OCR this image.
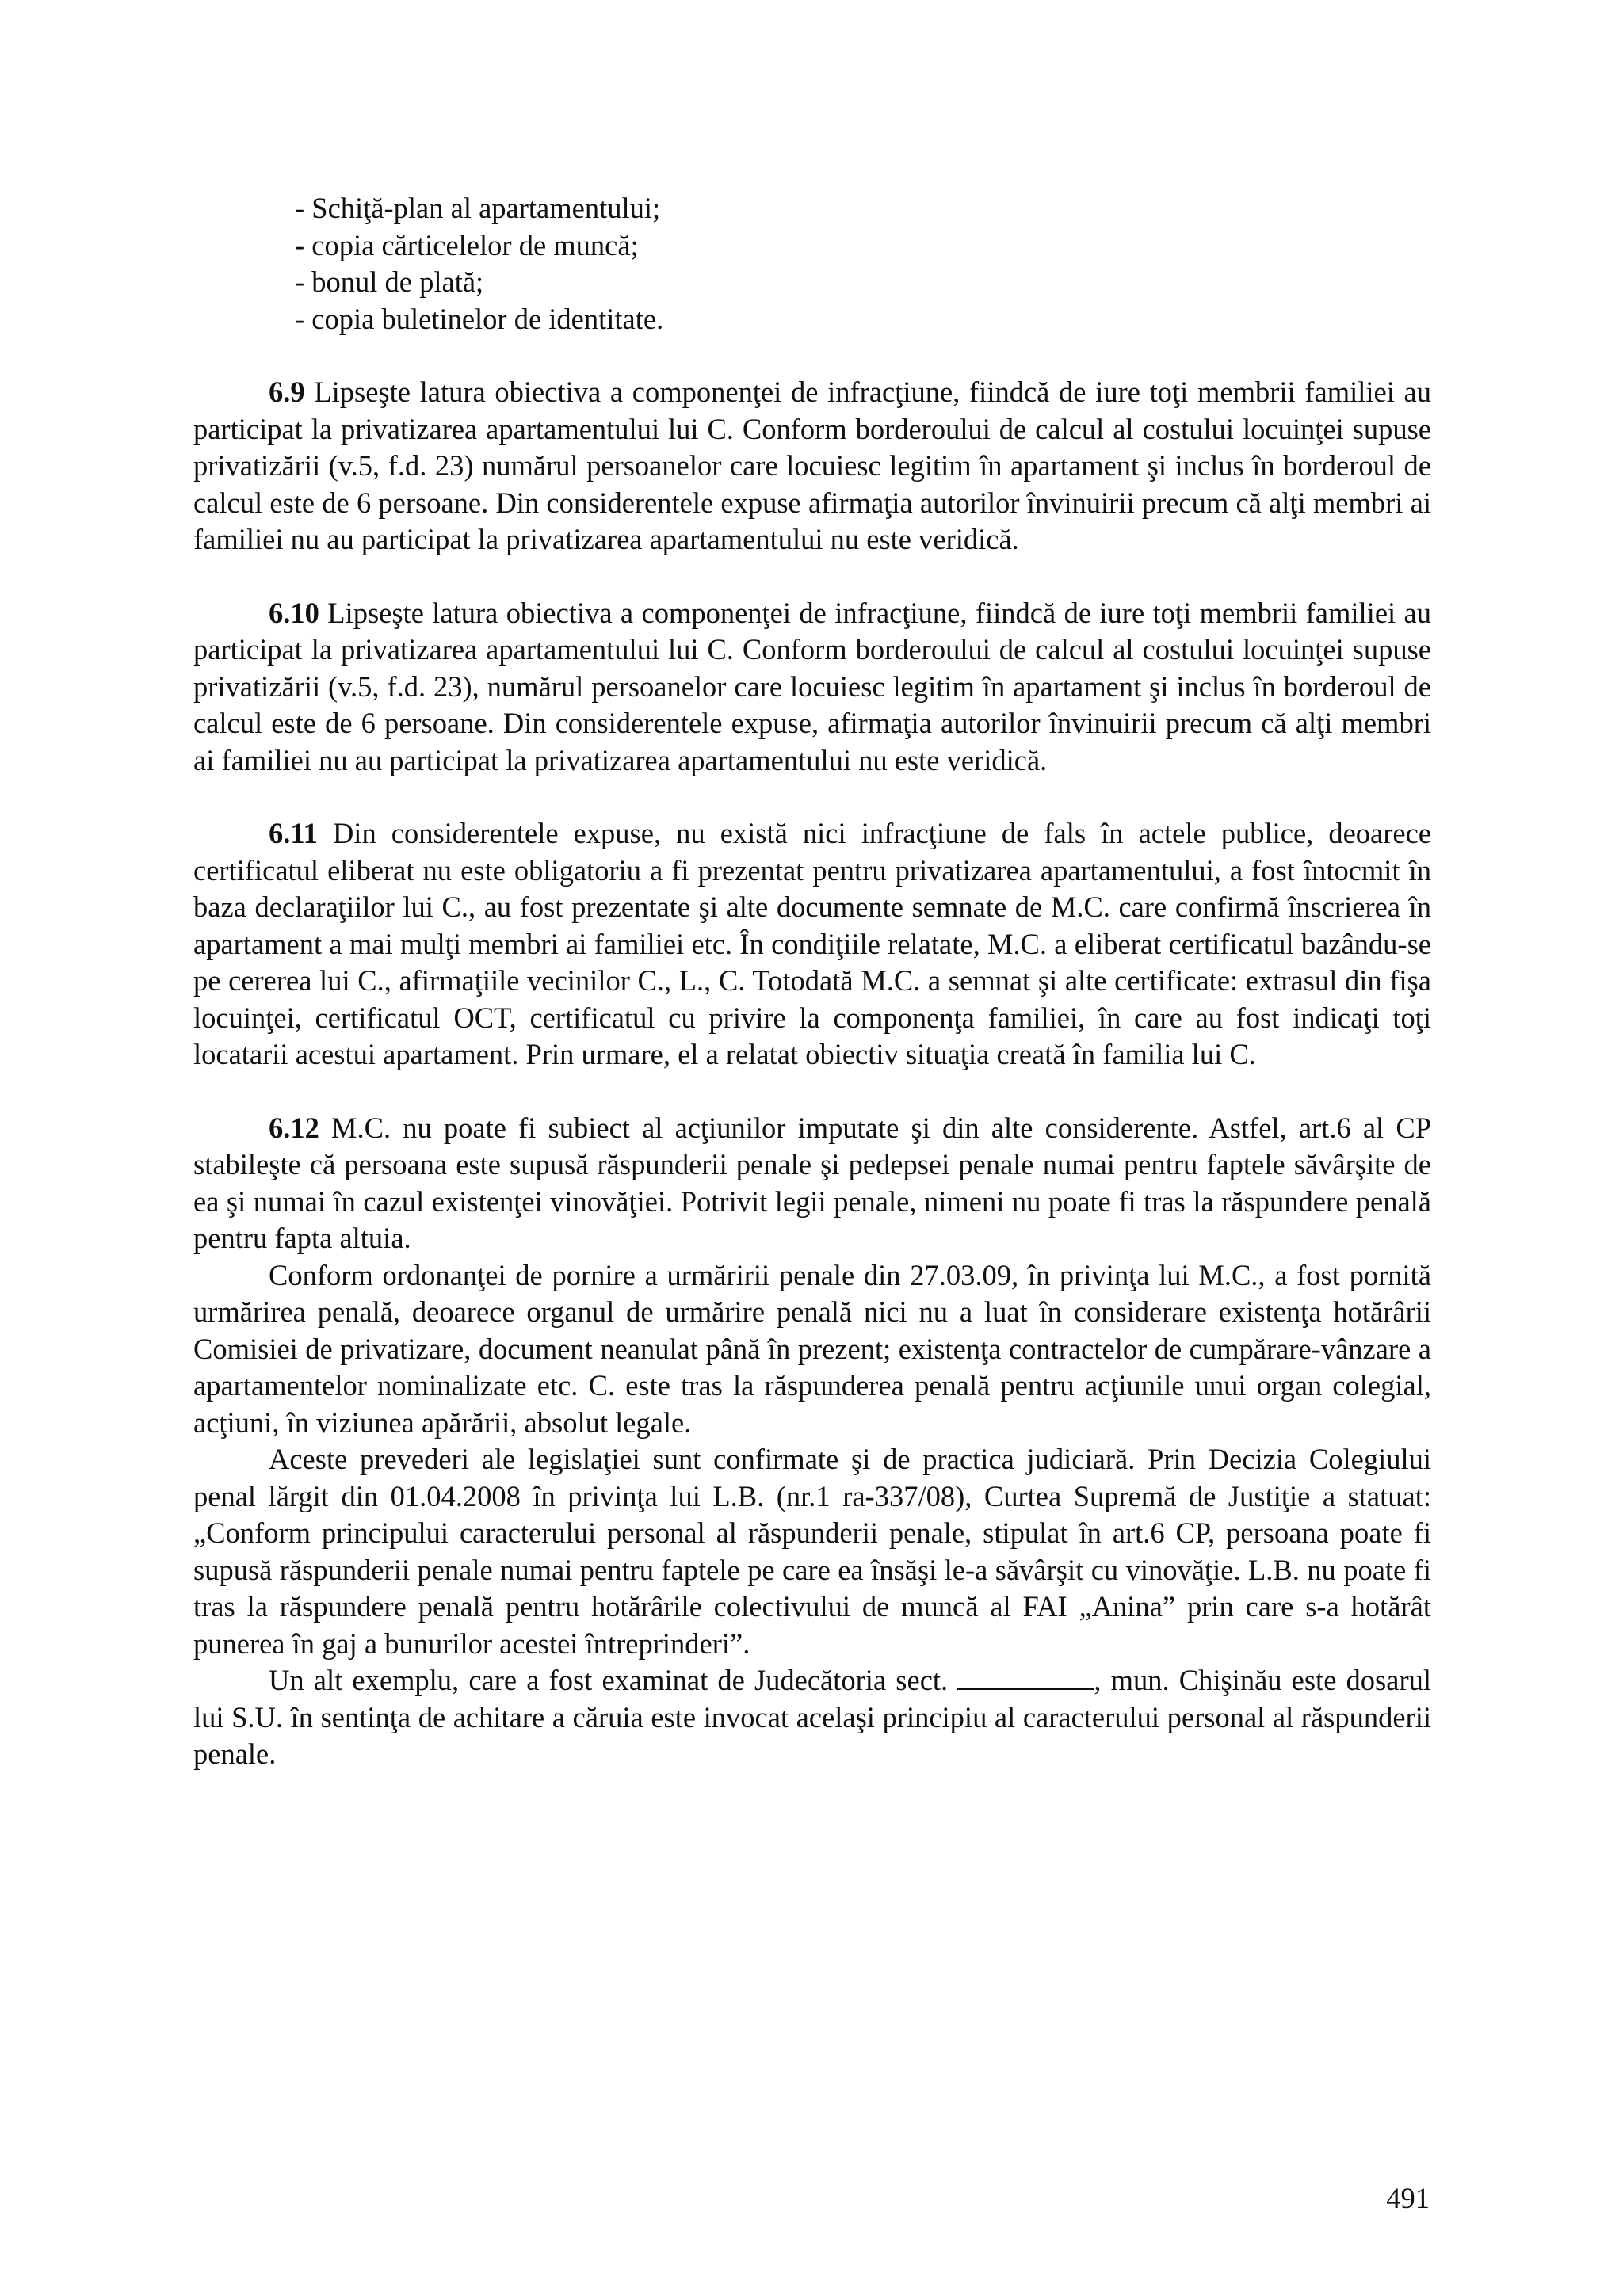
- Schiţă-plan al apartamentului;

- copia cărticelelor de muncă;

- bonul de plată;

- copia buletinelor de identitate.

6.9 Lipseşte latura obiectiva a componenţei de infracţiune, fiindcă de iure toţi membrii familiei au participat la privatizarea apartamentului lui C. Conform borderoului de calcul al costului locuinţei supuse privatizării (v.5, f.d. 23) numărul persoanelor care locuiesc legitim în apartament şi inclus în borderoul de calcul este de 6 persoane. Din considerentele expuse afirmaţia autorilor învinuirii precum că alţi membri ai familiei nu au participat la privatizarea apartamentului nu este veridică.

6.10 Lipseşte latura obiectiva a componenţei de infracţiune, fiindcă de iure toţi membrii familiei au participat la privatizarea apartamentului lui C. Conform borderoului de calcul al costului locuinţei supuse privatizării (v.5, f.d. 23), numărul persoanelor care locuiesc legitim în apartament şi inclus în borderoul de calcul este de 6 persoane. Din considerentele expuse, afirmaţia autorilor învinuirii precum că alţi membri ai familiei nu au participat la privatizarea apartamentului nu este veridică.

6.11 Din considerentele expuse, nu există nici infracţiune de fals în actele publice, deoarece certificatul eliberat nu este obligatoriu a fi prezentat pentru privatizarea apartamentului, a fost întocmit în baza declaraţiilor lui C., au fost prezentate şi alte documente semnate de M.C. care confirmă înscrierea în apartament a mai mulţi membri ai familiei etc. În condiţiile relatate, M.C. a eliberat certificatul bazându-se pe cererea lui C., afirmaţiile vecinilor C., L., C. Totodată M.C. a semnat şi alte certificate: extrasul din fişa locuinţei, certificatul OCT, certificatul cu privire la componenţa familiei, în care au fost indicaţi toţi locatarii acestui apartament. Prin urmare, el a relatat obiectiv situaţia creată în familia lui C.

6.12 M.C. nu poate fi subiect al acţiunilor imputate şi din alte considerente. Astfel, art.6 al CP stabileşte că persoana este supusă răspunderii penale şi pedepsei penale numai pentru faptele săvârşite de ea şi numai în cazul existenţei vinovăţiei. Potrivit legii penale, nimeni nu poate fi tras la răspundere penală pentru fapta altuia.

Conform ordonanţei de pornire a urmăririi penale din 27.03.09, în privinţa lui M.C., a fost pornită urmărirea penală, deoarece organul de urmărire penală nici nu a luat în considerare existenţa hotărârii Comisiei de privatizare, document neanulat până în prezent; existenţa contractelor de cumpărare-vânzare a apartamentelor nominalizate etc. C. este tras la răspunderea penală pentru acţiunile unui organ colegial, acţiuni, în viziunea apărării, absolut legale.

Aceste prevederi ale legislaţiei sunt confirmate şi de practica judiciară. Prin Decizia Colegiului penal lărgit din 01.04.2008 în privinţa lui L.B. (nr.1 ra-337/08), Curtea Supremă de Justiţie a statuat: „Conform principului caracterului personal al răspunderii penale, stipulat în art.6 CP, persoana poate fi supusă răspunderii penale numai pentru faptele pe care ea însăşi le-a săvârşit cu vinovăţie. L.B. nu poate fi tras la răspundere penală pentru hotărârile colectivului de muncă al FAI „Anina” prin care s-a hotărât punerea în gaj a bunurilor acestei întreprinderi”.

Un alt exemplu, care a fost examinat de Judecătoria sect.	, mun. Chişinău este dosarul lui S.U. în sentinţa de achitare a căruia este invocat acelaşi principiu al caracterului personal al răspunderii penale.

491
